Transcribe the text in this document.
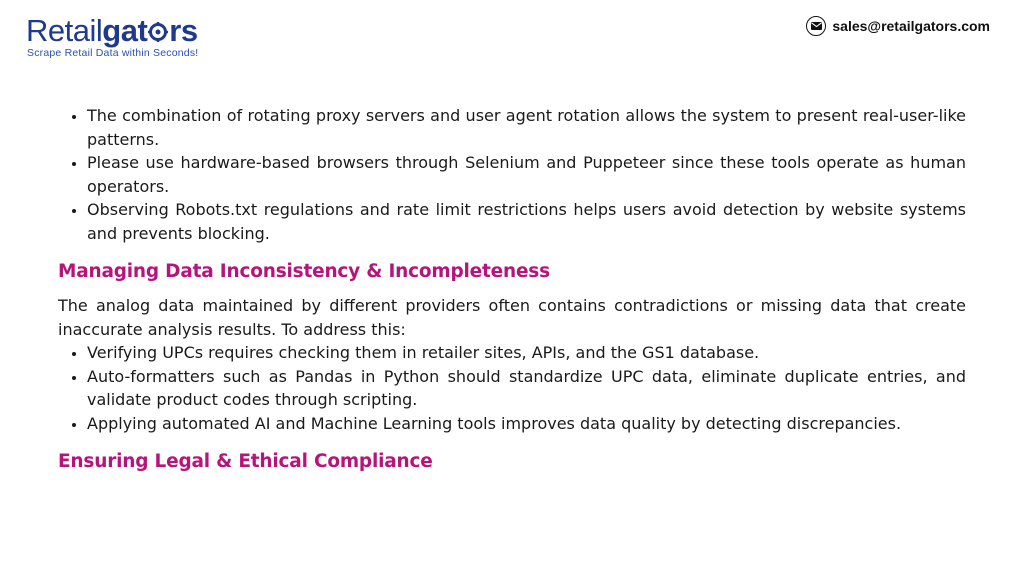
Retailgat rs
Scrape Retail Data within Seconds!
sales@retailgators.com
• The combination of rotating proxy servers and user agent rotation allows the system to present real-user-like patterns.
• Please use hardware-based browsers through Selenium and Puppeteer since these tools operate as human operators.
• Observing Robots.txt regulations and rate limit restrictions helps users avoid detection by website systems and prevents blocking.
Managing Data Inconsistency & Incompleteness

The analog data maintained by different providers often contains contradictions or missing data that create inaccurate analysis results. To address this:

• Verifying UPCs requires checking them in retailer sites, APIs, and the GS1 database.
• Auto-formatters such as Pandas in Python should standardize UPC data, eliminate duplicate entries, and validate product codes through scripting.
• Applying automated AI and Machine Learning tools improves data quality by detecting discrepancies.
Ensuring Legal & Ethical Compliance
